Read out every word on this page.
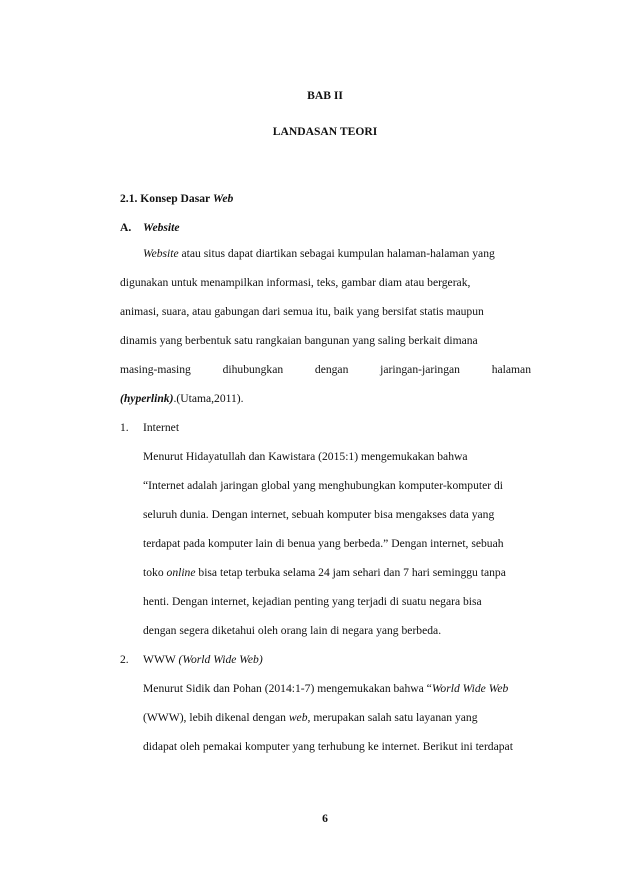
BAB II

LANDASAN TEORI

2.1. Konsep Dasar Web

A. Website

Website atau situs dapat diartikan sebagai kumpulan halaman-halaman yang

digunakan untuk menampilkan informasi, teks, gambar diam atau bergerak,

animasi, suara, atau gabungan dari semua itu, baik yang bersifat statis maupun

dinamis yang berbentuk satu rangkaian bangunan yang saling berkait dimana

masing-masing	dihubungkan	dengan	jaringan-jaringan	halaman

(hyperlink).(Utama,2011).

1. Internet

Menurut Hidayatullah dan Kawistara (2015:1) mengemukakan bahwa

“Internet adalah jaringan global yang menghubungkan komputer-komputer di

seluruh dunia. Dengan internet, sebuah komputer bisa mengakses data yang

terdapat pada komputer lain di benua yang berbeda.” Dengan internet, sebuah

toko online bisa tetap terbuka selama 24 jam sehari dan 7 hari seminggu tanpa

henti. Dengan internet, kejadian penting yang terjadi di suatu negara bisa

dengan segera diketahui oleh orang lain di negara yang berbeda.

2. WWW (World Wide Web)

Menurut Sidik dan Pohan (2014:1-7) mengemukakan bahwa “World Wide Web

(WWW), lebih dikenal dengan web, merupakan salah satu layanan yang

didapat oleh pemakai komputer yang terhubung ke internet. Berikut ini terdapat

6
